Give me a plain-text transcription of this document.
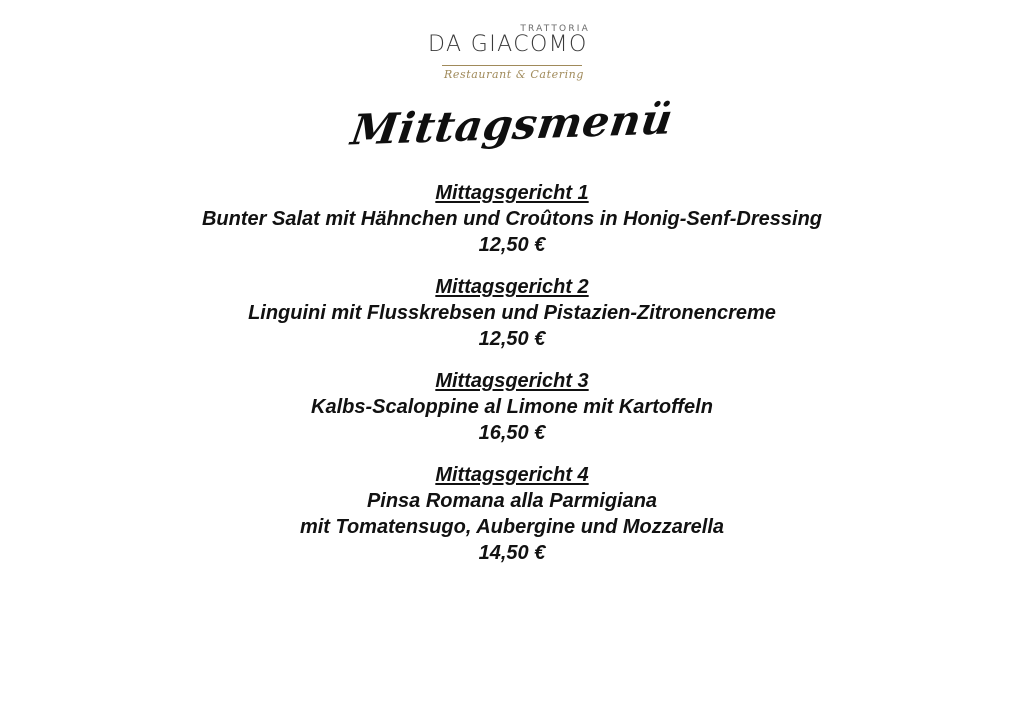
TRATTORIA
DA GIACOMO
Restaurant & Catering
Mittagsmenü
Mittagsgericht 1
Bunter Salat mit Hähnchen und Croûtons in Honig-Senf-Dressing
12,50 €
Mittagsgericht 2
Linguini mit Flusskrebsen und Pistazien-Zitronencreme
12,50 €
Mittagsgericht 3
Kalbs-Scaloppine al Limone mit Kartoffeln
16,50 €
Mittagsgericht 4
Pinsa Romana alla Parmigiana
mit Tomatensugo, Aubergine und Mozzarella
14,50 €
